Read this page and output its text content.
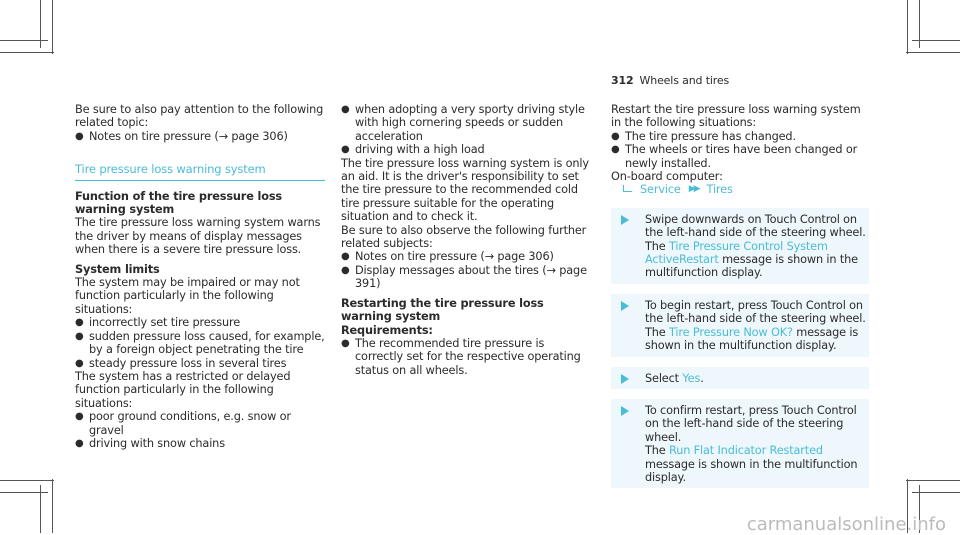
312 Wheels and tires

Be sure to also pay attention to the following related topic:

● Notes on tire pressure (→ page 306)
Tire pressure loss warning system

Function of the tire pressure loss warning system

The tire pressure loss warning system warns the driver by means of display messages when there is a severe tire pressure loss.

System limits

The system may be impaired or may not function particularly in the following situations:

● incorrectly set tire pressure
● sudden pressure loss caused, for example, by a foreign object penetrating the tire
● steady pressure loss in several tires

The system has a restricted or delayed function particularly in the following situations:

● poor ground conditions, e.g. snow or gravel
● driving with snow chains
● when adopting a very sporty driving style with high cornering speeds or sudden acceleration
● driving with a high load

The tire pressure loss warning system is only an aid. It is the driver's responsibility to set the tire pressure to the recommended cold tire pressure suitable for the operating situation and to check it.

Be sure to also observe the following further related subjects:

● Notes on tire pressure (→ page 306)
● Display messages about the tires (→ page 391)

Restarting the tire pressure loss warning system

Requirements:

● The recommended tire pressure is correctly set for the respective operating status on all wheels.

Restart the tire pressure loss warning system in the following situations:

● The tire pressure has changed.
● The wheels or tires have been changed or newly installed.

On-board computer:

Service ▶▶ Tires

Swipe downwards on Touch Control on the left-hand side of the steering wheel.

The Tire Pressure Control System ActiveRestart message is shown in the multifunction display.

To begin restart, press Touch Control on the left-hand side of the steering wheel.

The Tire Pressure Now OK? message is shown in the multifunction display.

Select Yes.

To confirm restart, press Touch Control on the left-hand side of the steering wheel.

The Run Flat Indicator Restarted message is shown in the multifunction display.

carmanualsonline.info
